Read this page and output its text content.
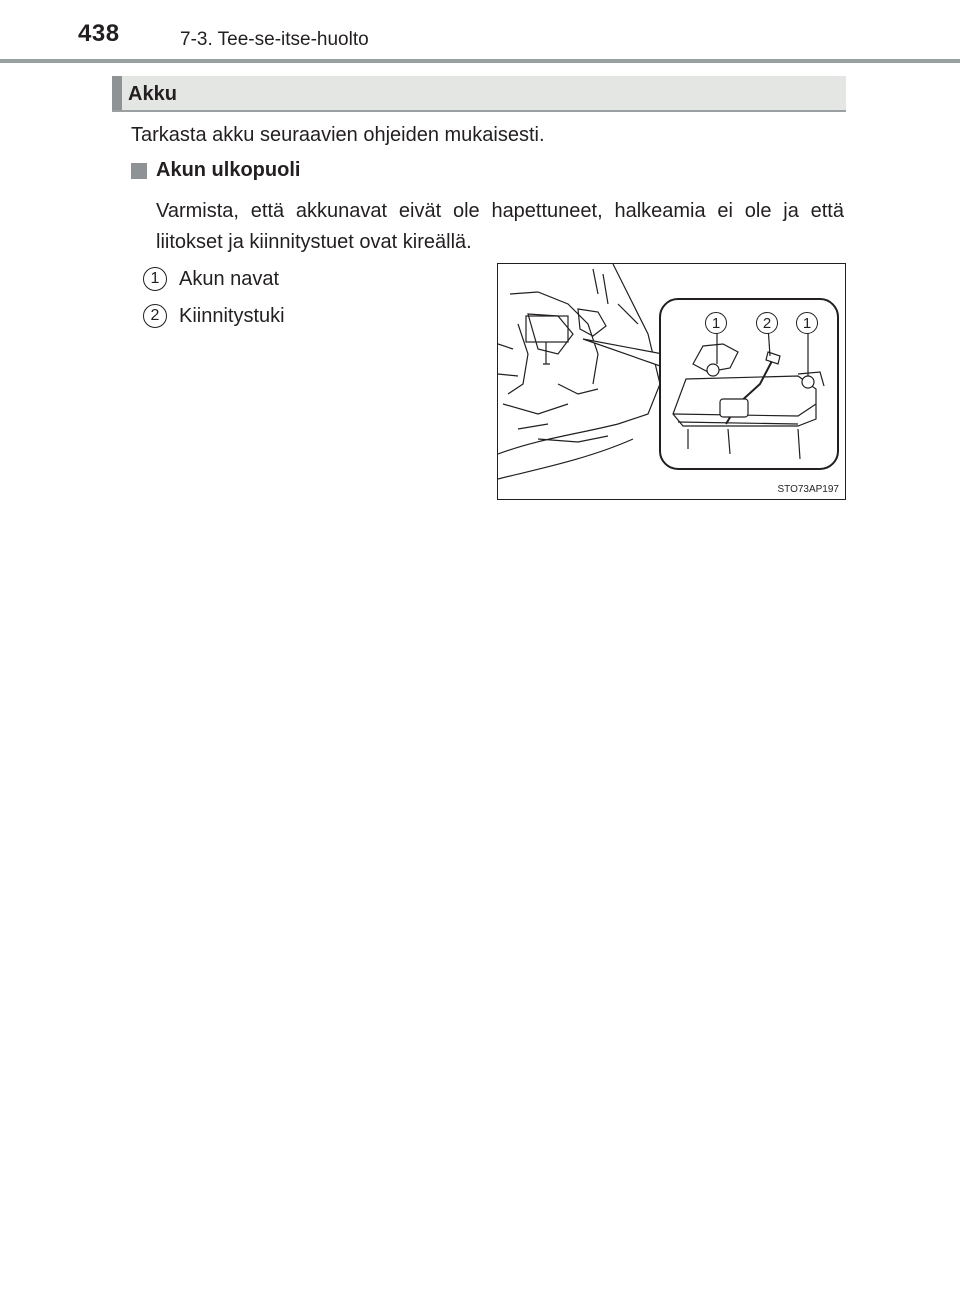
438	7-3. Tee-se-itse-huolto
Akku
Tarkasta akku seuraavien ohjeiden mukaisesti.
Akun ulkopuoli
Varmista, että akkunavat eivät ole hapettuneet, halkeamia ei ole ja että liitokset ja kiinnitystuet ovat kireällä.
1 Akun navat
2 Kiinnitystuki	1	2	1
STO73AP197
